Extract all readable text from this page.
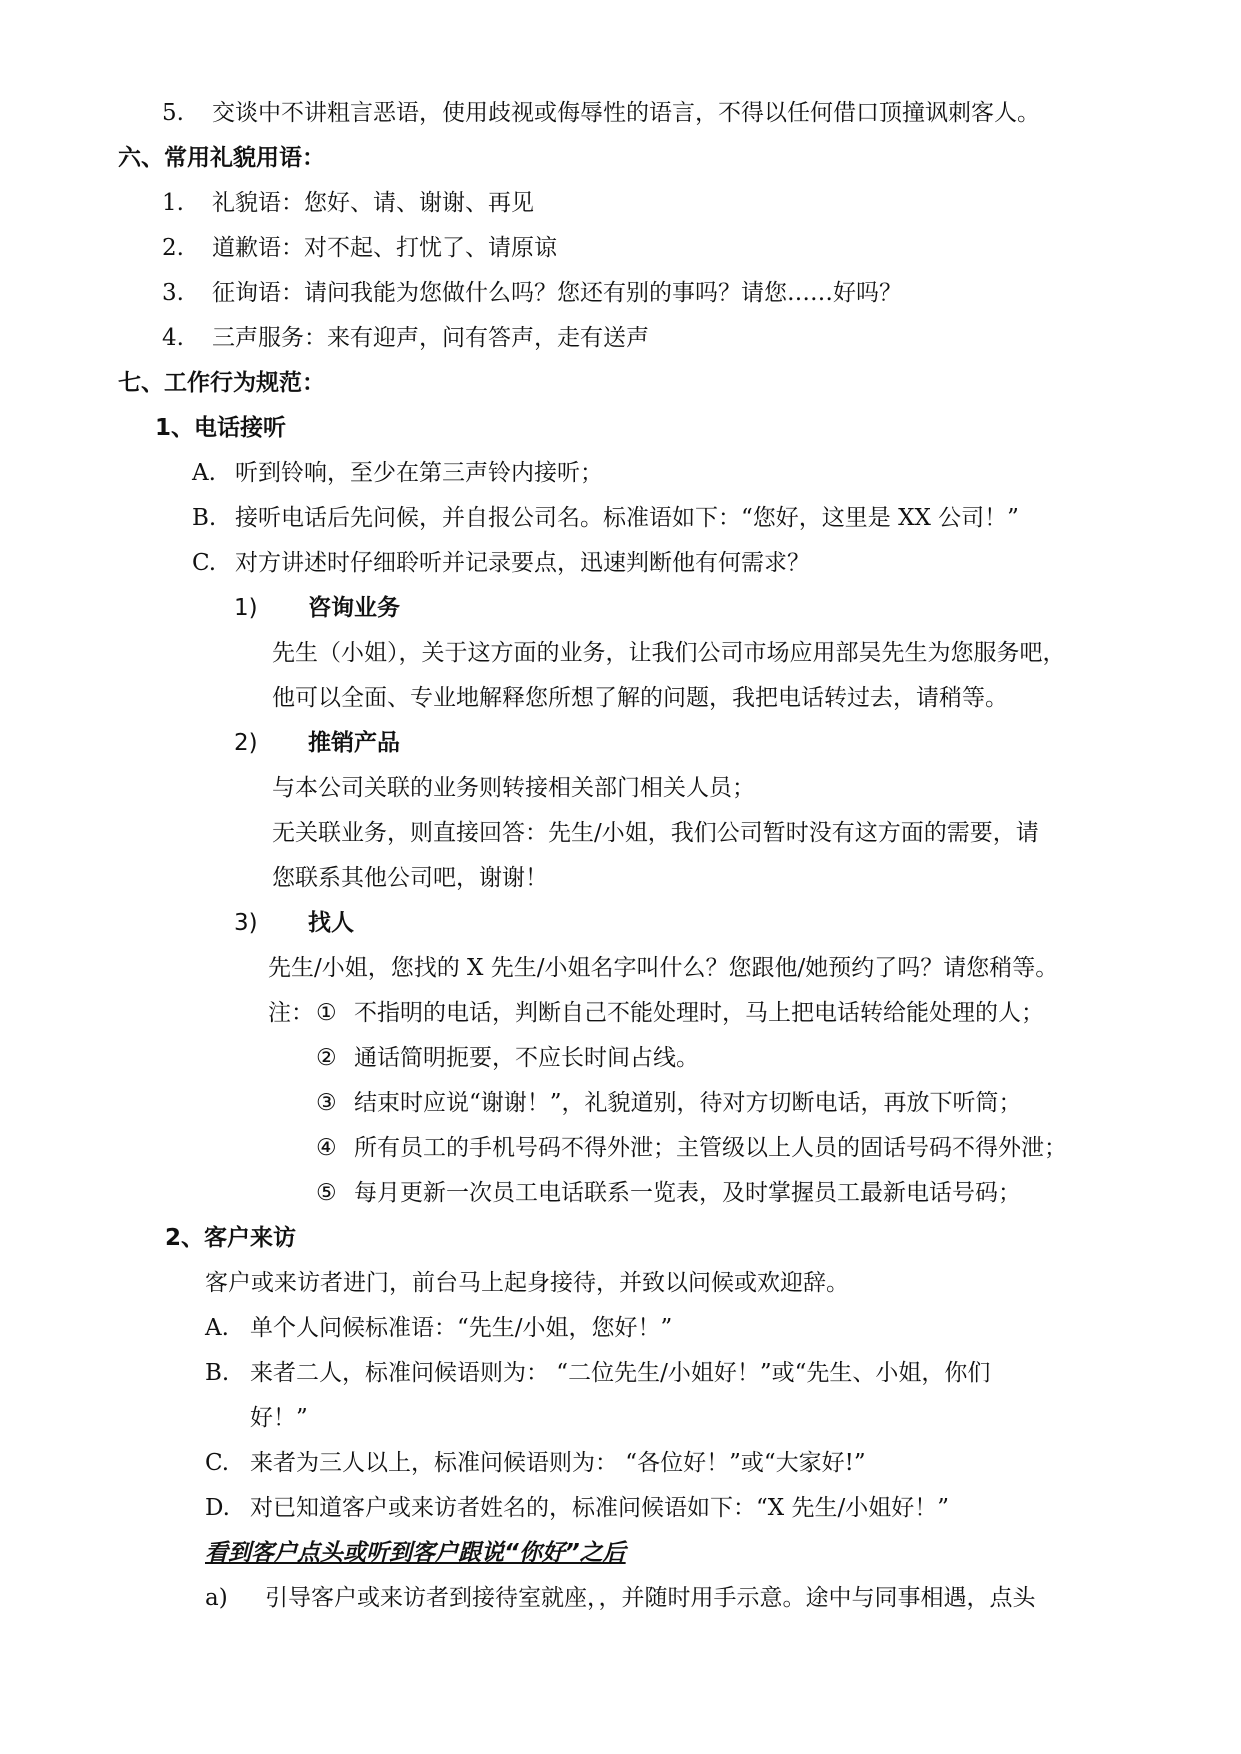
5. 交谈中不讲粗言恶语，使用歧视或侮辱性的语言，不得以任何借口顶撞讽刺客人。
六、常用礼貌用语：
1. 礼貌语：您好、请、谢谢、再见
2. 道歉语：对不起、打忧了、请原谅
3. 征询语：请问我能为您做什么吗？您还有别的事吗？请您……好吗？
4. 三声服务：来有迎声，问有答声，走有送声
七、工作行为规范：
1、电话接听
A. 听到铃响，至少在第三声铃内接听；
B. 接听电话后先问候，并自报公司名。标准语如下：“您好，这里是 XX 公司！”
C. 对方讲述时仔细聆听并记录要点，迅速判断他有何需求？
1) 咨询业务
先生（小姐），关于这方面的业务，让我们公司市场应用部吴先生为您服务吧，
他可以全面、专业地解释您所想了解的问题，我把电话转过去，请稍等。
2) 推销产品
与本公司关联的业务则转接相关部门相关人员；
无关联业务，则直接回答：先生/小姐，我们公司暂时没有这方面的需要，请
您联系其他公司吧，谢谢！
3) 找人
先生/小姐，您找的 X 先生/小姐名字叫什么？您跟他/她预约了吗？请您稍等。
注： ① 不指明的电话，判断自己不能处理时，马上把电话转给能处理的人；
② 通话简明扼要，不应长时间占线。
③ 结束时应说“谢谢！”，礼貌道别，待对方切断电话，再放下听筒；
④ 所有员工的手机号码不得外泄；主管级以上人员的固话号码不得外泄；
⑤ 每月更新一次员工电话联系一览表，及时掌握员工最新电话号码；
2、客户来访
客户或来访者进门，前台马上起身接待，并致以问候或欢迎辞。
A. 单个人问候标准语：“先生/小姐，您好！”
B. 来者二人，标准问候语则为： “二位先生/小姐好！”或“先生、小姐，你们
好！”
C. 来者为三人以上，标准问候语则为： “各位好！”或“大家好!”
D. 对已知道客户或来访者姓名的，标准问候语如下：“X 先生/小姐好！”
看到客户点头或听到客户跟说“你好”之后
a) 引导客户或来访者到接待室就座，，并随时用手示意。途中与同事相遇，点头
